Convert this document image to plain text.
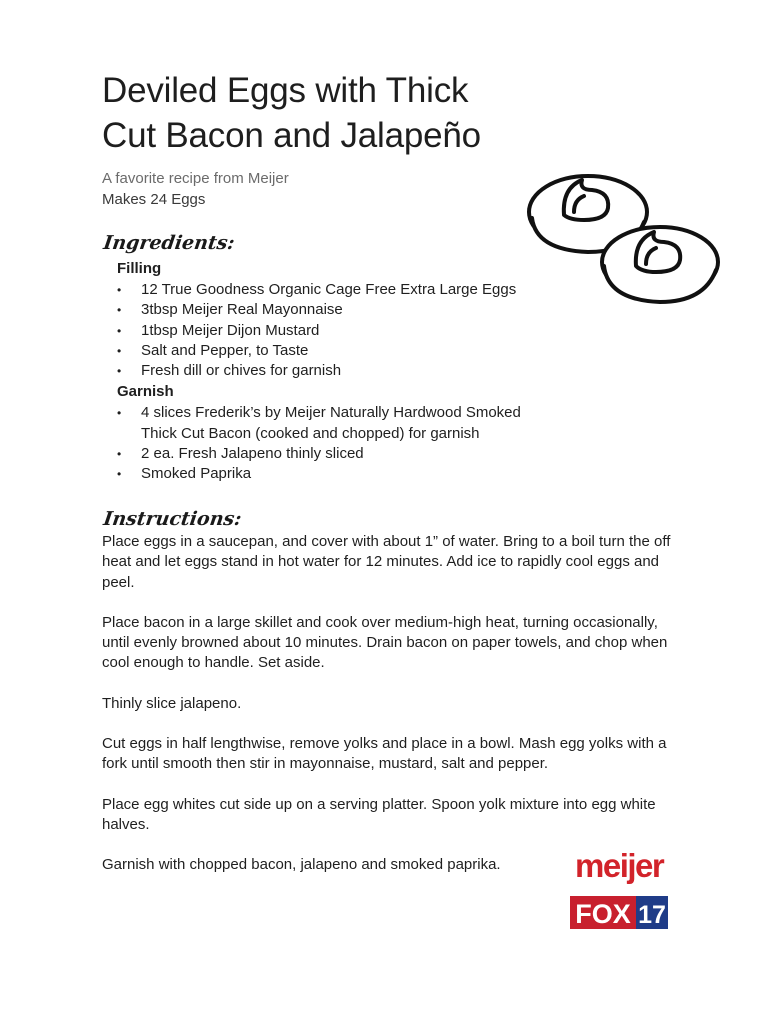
Deviled Eggs with Thick
Cut Bacon and Jalapeño

A favorite recipe from Meijer

Makes 24 Eggs

Ingredients:

Filling

• 12 True Goodness Organic Cage Free Extra Large Eggs
• 3tbsp Meijer Real Mayonnaise
• 1tbsp Meijer Dijon Mustard
• Salt and Pepper, to Taste
• Fresh dill or chives for garnish

Garnish

• 4 slices Frederik’s by Meijer Naturally Hardwood Smoked Thick Cut Bacon (cooked and chopped) for garnish
• 2 ea. Fresh Jalapeno thinly sliced
• Smoked Paprika
Instructions:

Place eggs in a saucepan, and cover with about 1” of water. Bring to a boil turn the off heat and let eggs stand in hot water for 12 minutes. Add ice to rapidly cool eggs and peel.

Place bacon in a large skillet and cook over medium-high heat, turning occasionally, until evenly browned about 10 minutes. Drain bacon on paper towels, and chop when cool enough to handle. Set aside.

Thinly slice jalapeno.

Cut eggs in half lengthwise, remove yolks and place in a bowl. Mash egg yolks with a fork until smooth then stir in mayonnaise, mustard, salt and pepper.

Place egg whites cut side up on a serving platter. Spoon yolk mixture into egg white halves.

Garnish with chopped bacon, jalapeno and smoked paprika.	meijer
FOX 17
